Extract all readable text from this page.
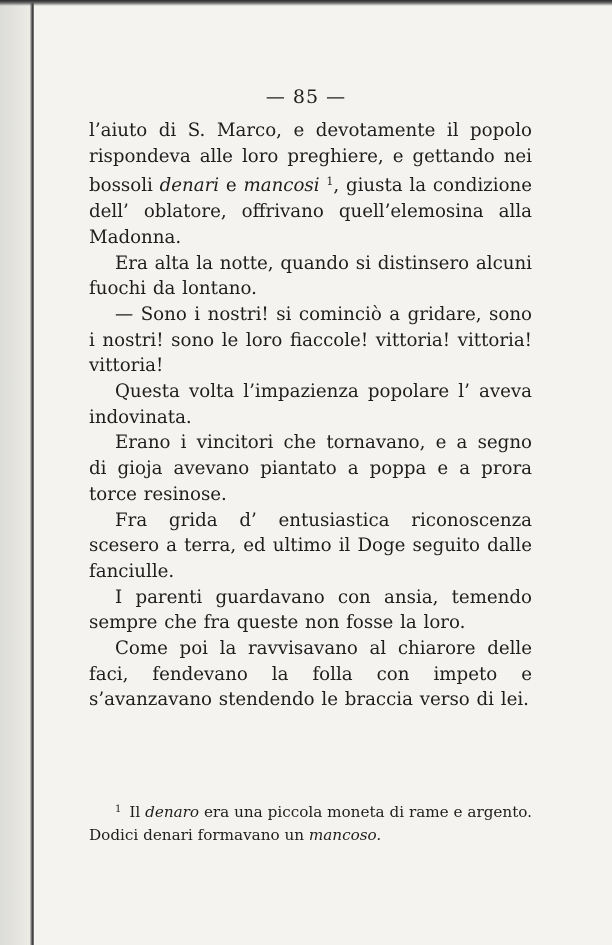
— 85 —

l’aiuto di S. Marco, e devotamente il popolo rispondeva alle loro preghiere, e gettando nei bossoli denari e mancosi $^1$, giusta la condizione dell’ oblatore, offrivano quell’elemosina alla Madonna.

Era alta la notte, quando si distinsero alcuni fuochi da lontano.

— Sono i nostri! si cominciò a gridare, sono i nostri! sono le loro fiaccole! vittoria! vittoria! vittoria!

Questa volta l’impazienza popolare l’ aveva indovinata.

Erano i vincitori che tornavano, e a segno di gioja avevano piantato a poppa e a prora torce resinose.

Fra grida d’ entusiastica riconoscenza scesero a terra, ed ultimo il Doge seguito dalle fanciulle.

I parenti guardavano con ansia, temendo sempre che fra queste non fosse la loro.

Come poi la ravvisavano al chiarore delle faci, fendevano la folla con impeto e s’avanzavano stendendo le braccia verso di lei.

$^1$ Il denaro era una piccola moneta di rame e argento. Dodici denari formavano un mancoso.
